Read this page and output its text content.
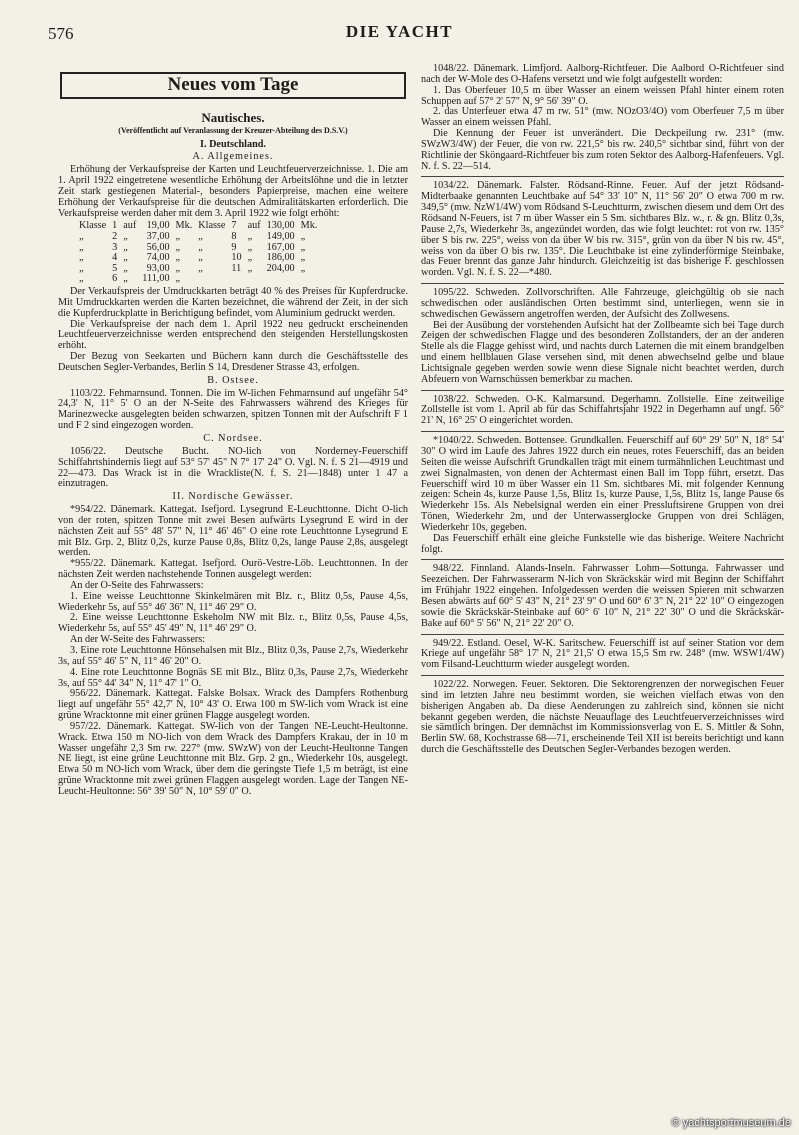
576	DIE YACHT
Neues vom Tage
Nautisches.
(Veröffentlicht auf Veranlassung der Kreuzer-Abteilung des D.S.V.)
I. Deutschland.
A. Allgemeines.

Erhöhung der Verkaufspreise der Karten und Leuchtfeuerverzeichnisse. 1. Die am 1. April 1922 eingetretene wesentliche Erhöhung der Arbeitslöhne und die in letzter Zeit stark gestiegenen Material-, besonders Papierpreise, machen eine weitere Erhöhung der Verkaufspreise für die deutschen Admiralitätskarten erforderlich. Die Verkaufspreise werden daher mit dem 3. April 1922 wie folgt erhöht:

Klasse	1	auf	19,00	Mk.	Klasse	7	auf	130,00	Mk.
„	2	„	37,00	„	„	8	„	149,00	„
„	3	„	56,00	„	„	9	„	167,00	„
„	4	„	74,00	„	„	10	„	186,00	„
„	5	„	93,00	„	„	11	„	204,00	„
„	6	„	111,00	„					

Der Verkaufspreis der Umdruckkarten beträgt 40 % des Preises für Kupferdrucke. Mit Umdruckkarten werden die Karten bezeichnet, die während der Zeit, in der sich die Kupferdruckplatte in Berichtigung befindet, vom Aluminium gedruckt werden.

Die Verkaufspreise der nach dem 1. April 1922 neu gedruckt erscheinenden Leuchtfeuerverzeichnisse werden entsprechend den steigenden Herstellungskosten erhöht.

Der Bezug von Seekarten und Büchern kann durch die Geschäftsstelle des Deutschen Segler-Verbandes, Berlin S 14, Dresdener Strasse 43, erfolgen.

B. Ostsee.

1103/22. Fehmarnsund. Tonnen. Die im W-lichen Fehmarnsund auf ungefähr 54° 24,3' N, 11° 5' O an der N-Seite des Fahrwassers während des Krieges für Marinezwecke ausgelegten beiden schwarzen, spitzen Tonnen mit der Aufschrift F 1 und F 2 sind eingezogen worden.

C. Nordsee.

1056/22. Deutsche Bucht. NO-lich von Norderney-Feuerschiff Schiffahrtshindernis liegt auf 53° 57' 45" N 7° 17' 24" O. Vgl. N. f. S 21—4919 und 22—473. Das Wrack ist in die Wrackliste(N. f. S. 21—1848) unter 1 47 a einzutragen.

II. Nordische Gewässer.

*954/22. Dänemark. Kattegat. Isefjord. Lysegrund E-Leuchttonne. Dicht O-lich von der roten, spitzen Tonne mit zwei Besen aufwärts Lysegrund E wird in der nächsten Zeit auf 55° 48' 57" N, 11° 46' 46" O eine rote Leuchttonne Lysegrund E mit Blz. Grp. 2, Blitz 0,2s, kurze Pause 0,8s, Blitz 0,2s, lange Pause 2,8s, ausgelegt werden.

*955/22. Dänemark. Kattegat. Isefjord. Ourö-Vestre-Löb. Leuchttonnen. In der nächsten Zeit werden nachstehende Tonnen ausgelegt werden:

An der O-Seite des Fahrwassers:

1. Eine weisse Leuchttonne Skinkelmären mit Blz. r., Blitz 0,5s, Pause 4,5s, Wiederkehr 5s, auf 55° 46' 36" N, 11° 46' 29" O.

2. Eine weisse Leuchttonne Eskeholm NW mit Blz. r., Blitz 0,5s, Pause 4,5s, Wiederkehr 5s, auf 55° 45' 49" N, 11° 46' 29" O.

An der W-Seite des Fahrwassers:

3. Eine rote Leuchttonne Hönsehalsen mit Blz., Blitz 0,3s, Pause 2,7s, Wiederkehr 3s, auf 55° 46' 5" N, 11° 46' 20" O.

4. Eine rote Leuchttonne Bognäs SE mit Blz., Blitz 0,3s, Pause 2,7s, Wiederkehr 3s, auf 55° 44' 34" N, 11° 47' 1" O.

956/22. Dänemark. Kattegat. Falske Bolsax. Wrack des Dampfers Rothenburg liegt auf ungefähr 55° 42,7' N, 10° 43' O. Etwa 100 m SW-lich vom Wrack ist eine grüne Wracktonne mit einer grünen Flagge ausgelegt worden.

957/22. Dänemark. Kattegat. SW-lich von der Tangen NE-Leucht-Heultonne. Wrack. Etwa 150 m NO-lich von dem Wrack des Dampfers Krakau, der in 10 m Wasser ungefähr 2,3 Sm rw. 227° (mw. SWzW) von der Leucht-Heultonne Tangen NE liegt, ist eine grüne Leuchttonne mit Blz. Grp. 2 gn., Wiederkehr 10s, ausgelegt. Etwa 50 m NO-lich vom Wrack, über dem die geringste Tiefe 1,5 m beträgt, ist eine grüne Wracktonne mit zwei grünen Flaggen ausgelegt worden. Lage der Tangen NE-Leucht-Heultonne: 56° 39' 50" N, 10° 59' 0" O.

1048/22. Dänemark. Limfjord. Aalborg-Richtfeuer. Die Aalbord O-Richtfeuer sind nach der W-Mole des O-Hafens versetzt und wie folgt aufgestellt worden:

1. Das Oberfeuer 10,5 m über Wasser an einem weissen Pfahl hinter einem roten Schuppen auf 57° 2' 57" N, 9° 56' 39" O.

2. das Unterfeuer etwa 47 m rw. 51° (mw. NOzO3/4O) vom Oberfeuer 7,5 m über Wasser an einem weissen Pfahl.

Die Kennung der Feuer ist unverändert. Die Deckpeilung rw. 231° (mw. SWzW3/4W) der Feuer, die von rw. 221,5° bis rw. 240,5° sichtbar sind, führt von der Richtlinie der Sköngaard-Richtfeuer bis zum roten Sektor des Aalborg-Hafenfeuers. Vgl. N. f. S. 22—514.

1034/22. Dänemark. Falster. Rödsand-Rinne. Feuer. Auf der jetzt Rödsand-Midterbaake genannten Leuchtbake auf 54° 33' 10" N, 11° 56' 20" O etwa 700 m rw. 349,5° (mw. NzW1/4W) vom Rödsand S-Leuchtturm, zwischen diesem und dem Ort des Rödsand N-Feuers, ist 7 m über Wasser ein 5 Sm. sichtbares Blz. w., r. & gn. Blitz 0,3s, Pause 2,7s, Wiederkehr 3s, angezündet worden, das wie folgt leuchtet: rot von rw. 135° über S bis rw. 225°, weiss von da über W bis rw. 315°, grün von da über N bis rw. 45°, weiss von da über O bis rw. 135°. Die Leuchtbake ist eine zylinderförmige Steinbake, das Feuer brennt das ganze Jahr hindurch. Gleichzeitig ist das bisherige F. geschlossen worden. Vgl. N. f. S. 22—*480.

1095/22. Schweden. Zollvorschriften. Alle Fahrzeuge, gleichgültig ob sie nach schwedischen oder ausländischen Orten bestimmt sind, unterliegen, wenn sie in schwedischen Gewässern angetroffen werden, der Aufsicht des Zollwesens.

Bei der Ausübung der vorstehenden Aufsicht hat der Zollbeamte sich bei Tage durch Zeigen der schwedischen Flagge und des besonderen Zollstanders, der an der anderen Stelle als die Flagge gehisst wird, und nachts durch Laternen die mit einem brandgelben und einem hellblauen Glase versehen sind, mit denen abwechselnd gelbe und blaue Lichtsignale gegeben werden sowie wenn diese Signale nicht beachtet werden, durch Abfeuern von Warnschüssen bemerkbar zu machen.

1038/22. Schweden. O-K. Kalmarsund. Degerhamn. Zollstelle. Eine zeitweilige Zollstelle ist vom 1. April ab für das Schiffahrtsjahr 1922 in Degerhamn auf ungf. 56° 21' N, 16° 25' O eingerichtet worden.

*1040/22. Schweden. Bottensee. Grundkallen. Feuerschiff auf 60° 29' 50" N, 18° 54' 30" O wird im Laufe des Jahres 1922 durch ein neues, rotes Feuerschiff, das an beiden Seiten die weisse Aufschrift Grundkallen trägt mit einem turmähnlichen Leuchtmast und zwei Signalmasten, von denen der Achtermast einen Ball im Topp führt, ersetzt. Das Feuerschiff wird 10 m über Wasser ein 11 Sm. sichtbares Mi. mit folgender Kennung zeigen: Schein 4s, kurze Pause 1,5s, Blitz 1s, kurze Pause, 1,5s, Blitz 1s, lange Pause 6s Wiederkehr 15s. Als Nebelsignal werden ein einer Pressluftsirene Gruppen von drei Tönen, Wiederkehr 2m, und der Unterwasserglocke Gruppen von drei Schlägen, Wiederkehr 10s, gegeben.

Das Feuerschiff erhält eine gleiche Funkstelle wie das bisherige. Weitere Nachricht folgt.

948/22. Finnland. Alands-Inseln. Fahrwasser Lohm—Sottunga. Fahrwasser und Seezeichen. Der Fahrwasserarm N-lich von Skräckskär wird mit Beginn der Schiffahrt im Frühjahr 1922 eingehen. Infolgedessen werden die weissen Spieren mit schwarzen Besen abwärts auf 60° 5' 43" N, 21° 23' 9" O und 60° 6' 3" N, 21° 22' 10" O eingezogen sowie die Skräckskär-Steinbake auf 60° 6' 10" N, 21° 22' 30" O und die Skräckskär-Bake auf 60° 5' 56" N, 21° 22' 20" O.

949/22. Estland. Oesel, W-K. Saritschew. Feuerschiff ist auf seiner Station vor dem Kriege auf ungefähr 58° 17' N, 21° 21,5' O etwa 15,5 Sm rw. 248° (mw. WSW1/4W) vom Filsand-Leuchtturm wieder ausgelegt worden.

1022/22. Norwegen. Feuer. Sektoren. Die Sektorengrenzen der norwegischen Feuer sind im letzten Jahre neu bestimmt worden, sie weichen vielfach etwas von den bisherigen Angaben ab. Da diese Aenderungen zu zahlreich sind, können sie nicht bekannt gegeben werden, die nächste Neuauflage des Leuchtfeuerverzeichnisses wird sie sämtlich bringen. Der demnächst im Kommissionsverlag von E. S. Mittler & Sohn, Berlin SW. 68, Kochstrasse 68—71, erscheinende Teil XII ist bereits berichtigt und kann durch die Geschäftsstelle des Deutschen Segler-Verbandes bezogen werden.

© yachtsportmuseum.de
